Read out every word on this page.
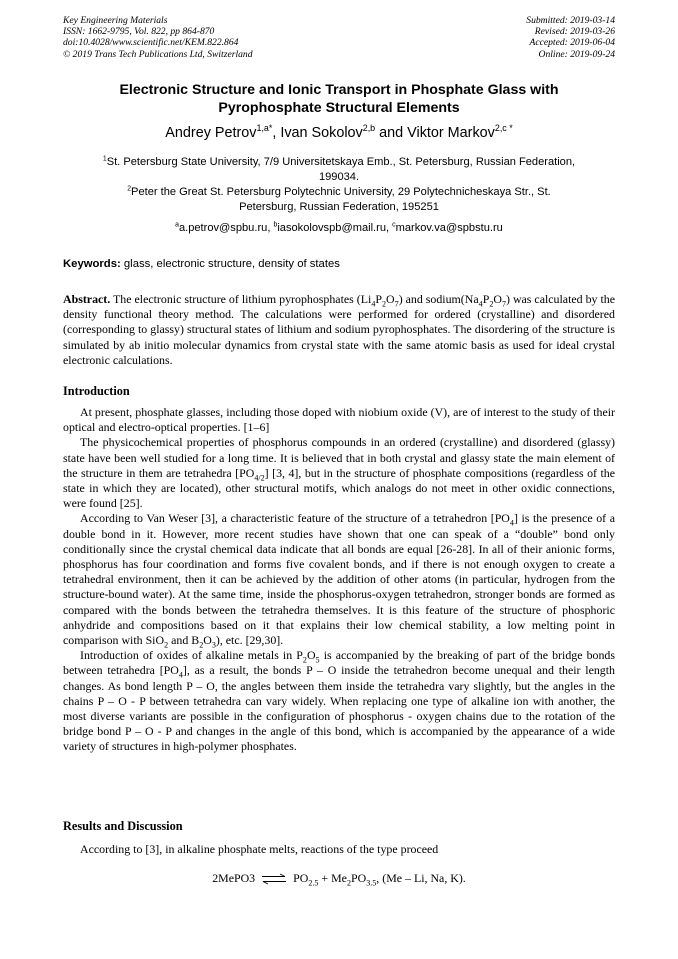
Key Engineering Materials
ISSN: 1662-9795, Vol. 822, pp 864-870
doi:10.4028/www.scientific.net/KEM.822.864
© 2019 Trans Tech Publications Ltd, Switzerland
Submitted: 2019-03-14
Revised: 2019-03-26
Accepted: 2019-06-04
Online: 2019-09-24
Electronic Structure and Ionic Transport in Phosphate Glass with
Pyrophosphate Structural Elements
Andrey Petrov$^{1,a*}$, Ivan Sokolov$^{2,b}$ and Viktor Markov$^{2,c *}$
$^1$St. Petersburg State University, 7/9 Universitetskaya Emb., St. Petersburg, Russian Federation,
199034.
$^2$Peter the Great St. Petersburg Polytechnic University, 29 Polytechnicheskaya Str., St.
Petersburg, Russian Federation, 195251
$^a$a.petrov@spbu.ru, $^b$iasokolovspb@mail.ru, $^c$markov.va@spbstu.ru
Keywords: glass, electronic structure, density of states
Abstract. The electronic structure of lithium pyrophosphates $(Li_4P_2O_7)$ and $sodium(Na_4P_2O_7)$ was calculated by the density functional theory method. The calculations were performed for ordered (crystalline) and disordered (corresponding to glassy) structural states of lithium and sodium pyrophosphates. The disordering of the structure is simulated by ab initio molecular dynamics from crystal state with the same atomic basis as used for ideal crystal electronic calculations.
Introduction

At present, phosphate glasses, including those doped with niobium oxide (V), are of interest to the study of their optical and electro-optical properties. [1–6]

The physicochemical properties of phosphorus compounds in an ordered (crystalline) and disordered (glassy) state have been well studied for a long time. It is believed that in both crystal and glassy state the main element of the structure in them are tetrahedra $[PO_{4/2}]$ [3, 4], but in the structure of phosphate compositions (regardless of the state in which they are located), other structural motifs, which analogs do not meet in other oxidic connections, were found [25].

According to Van Weser [3], a characteristic feature of the structure of a tetrahedron $[PO_4]$ is the presence of a double bond in it. However, more recent studies have shown that one can speak of a “double” bond only conditionally since the crystal chemical data indicate that all bonds are equal [26-28]. In all of their anionic forms, phosphorus has four coordination and forms five covalent bonds, and if there is not enough oxygen to create a tetrahedral environment, then it can be achieved by the addition of other atoms (in particular, hydrogen from the structure-bound water). At the same time, inside the phosphorus-oxygen tetrahedron, stronger bonds are formed as compared with the bonds between the tetrahedra themselves. It is this feature of the structure of phosphoric anhydride and compositions based on it that explains their low chemical stability, a low melting point in comparison with SiO$_2$ and $B_2O_3$), etc. [29,30].

Introduction of oxides of alkaline metals in $P_2O_5$ is accompanied by the breaking of part of the bridge bonds between tetrahedra $[PO_4]$, as a result, the bonds P – O inside the tetrahedron become unequal and their length changes. As bond length P – O, the angles between them inside the tetrahedra vary slightly, but the angles in the chains P – O - P between tetrahedra can vary widely. When replacing one type of alkaline ion with another, the most diverse variants are possible in the configuration of phosphorus - oxygen chains due to the rotation of the bridge bond P – O - P and changes in the angle of this bond, which is accompanied by the appearance of a wide variety of structures in high-polymer phosphates.

Results and Discussion
According to [3], in alkaline phosphate melts, reactions of the type proceed
2MePO3 ⇌ $PO_{2.5} + Me_2PO_{3.5}$, (Me – Li, Na, K).
